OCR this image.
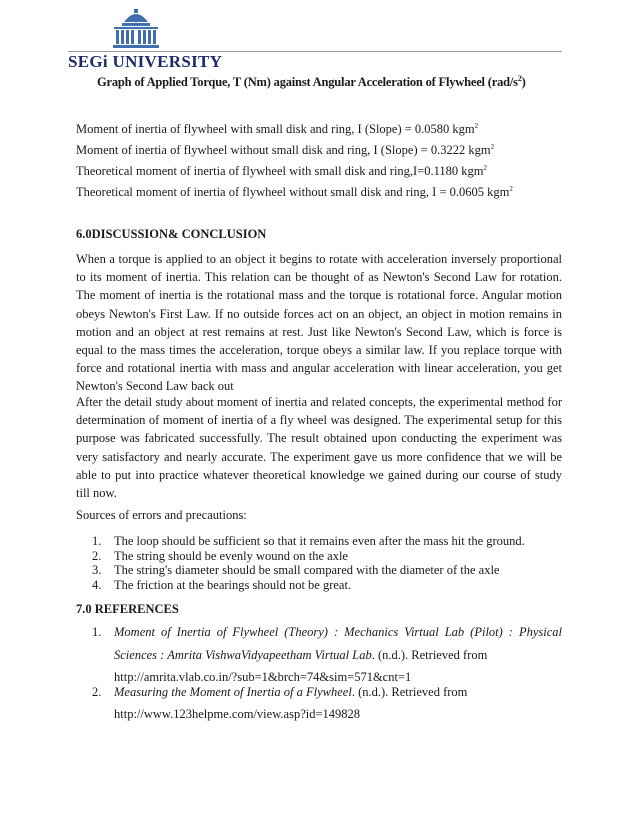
SEGi UNIVERSITY
Graph of Applied Torque, T (Nm) against Angular Acceleration of Flywheel $(rad/s^2)$
Moment of inertia of flywheel with small disk and ring, I (Slope) = 0.0580 kgm$^2$
Moment of inertia of flywheel without small disk and ring, I (Slope) = 0.3222 kgm$^2$
Theoretical moment of inertia of flywheel with small disk and ring,I=0.1180 kgm$^2$
Theoretical moment of inertia of flywheel without small disk and ring, I = 0.0605 kgm$^2$
6.0DISCUSSION& CONCLUSION
When a torque is applied to an object it begins to rotate with acceleration inversely proportional to its moment of inertia. This relation can be thought of as Newton's Second Law for rotation. The moment of inertia is the rotational mass and the torque is rotational force. Angular motion obeys Newton's First Law. If no outside forces act on an object, an object in motion remains in motion and an object at rest remains at rest. Just like Newton's Second Law, which is force is equal to the mass times the acceleration, torque obeys a similar law. If you replace torque with force and rotational inertia with mass and angular acceleration with linear acceleration, you get Newton's Second Law back out
After the detail study about moment of inertia and related concepts, the experimental method for determination of moment of inertia of a fly wheel was designed. The experimental setup for this purpose was fabricated successfully. The result obtained upon conducting the experiment was very satisfactory and nearly accurate. The experiment gave us more confidence that we will be able to put into practice whatever theoretical knowledge we gained during our course of study till now.
Sources of errors and precautions:
1.	The loop should be sufficient so that it remains even after the mass hit the ground.
2.	The string should be evenly wound on the axle
3.	The string's diameter should be small compared with the diameter of the axle
4.	The friction at the bearings should not be great.
7.0 REFERENCES
1.	Moment of Inertia of Flywheel (Theory) : Mechanics Virtual Lab (Pilot) : Physical Sciences : Amrita VishwaVidyapeetham Virtual Lab. (n.d.). Retrieved from
http://amrita.vlab.co.in/?sub=1&brch=74&sim=571&cnt=1
2.	Measuring the Moment of Inertia of a Flywheel. (n.d.). Retrieved from
http://www.123helpme.com/view.asp?id=149828
